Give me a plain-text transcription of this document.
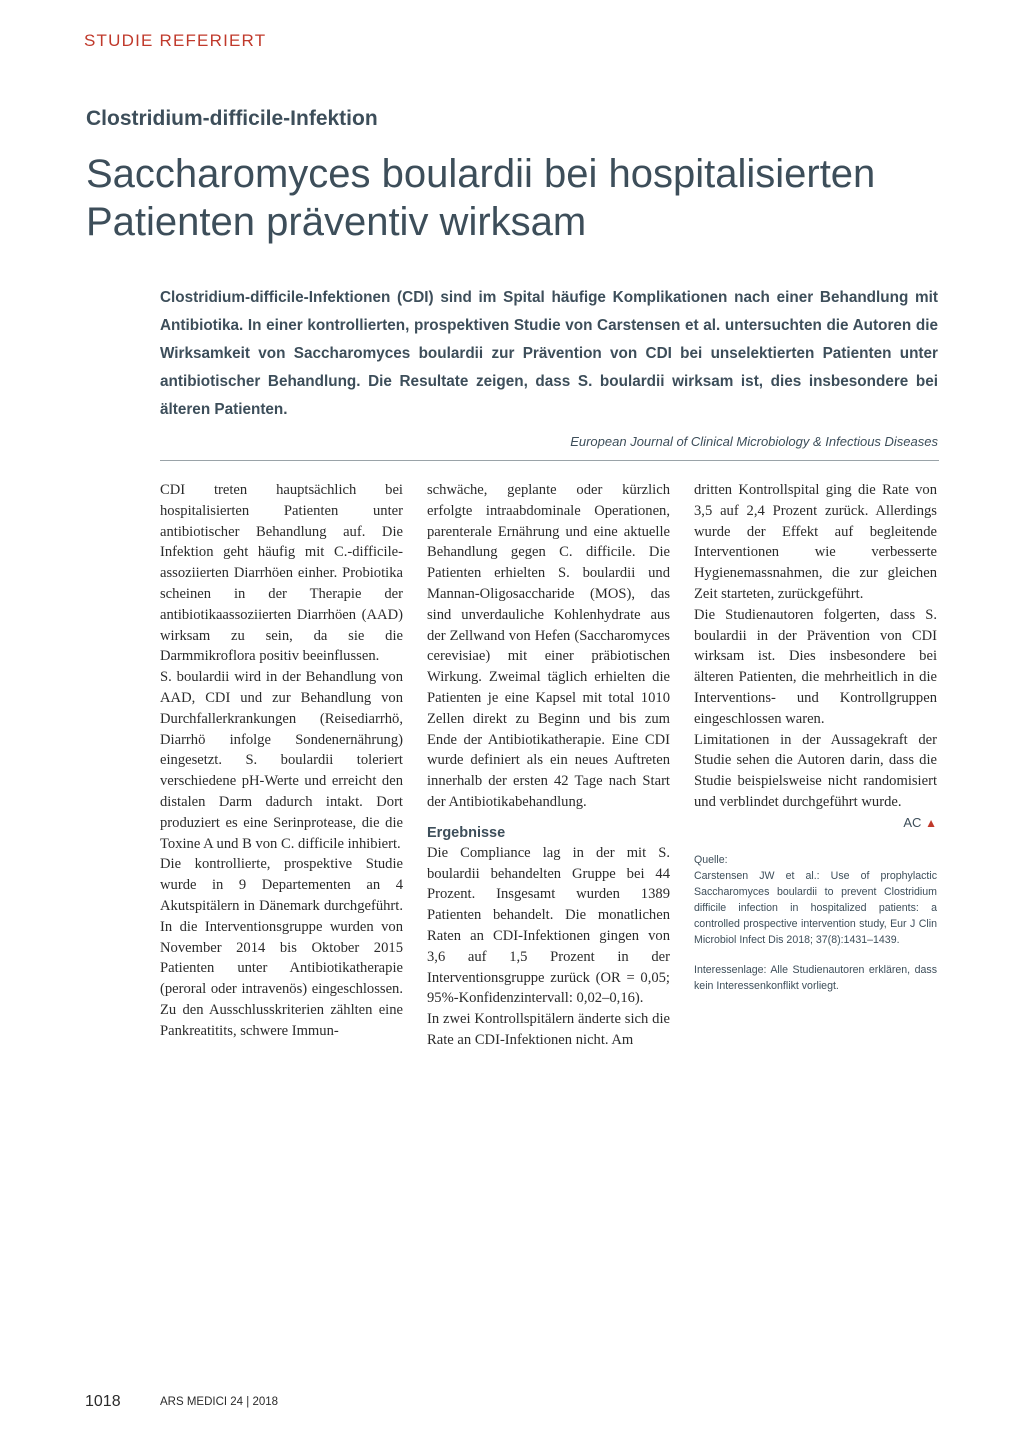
STUDIE REFERIERT
Clostridium-difficile-Infektion
Saccharomyces boulardii bei hospitalisierten
Patienten präventiv wirksam

Clostridium-difficile-Infektionen (CDI) sind im Spital häufige Komplikationen nach einer Behandlung mit Antibiotika. In einer kontrollierten, prospektiven Studie von Carstensen et al. untersuchten die Autoren die Wirksamkeit von Saccharomyces boulardii zur Prävention von CDI bei unselektierten Patienten unter antibiotischer Behandlung. Die Resultate zeigen, dass S. boulardii wirksam ist, dies insbesondere bei älteren Patienten.

European Journal of Clinical Microbiology & Infectious Diseases

CDI treten hauptsächlich bei hospitalisierten Patienten unter antibiotischer Behandlung auf. Die Infektion geht häufig mit C.-difficile-assoziierten Diarrhöen einher. Probiotika scheinen in der Therapie der antibiotikaassoziierten Diarrhöen (AAD) wirksam zu sein, da sie die Darmmikroflora positiv beeinflussen.

S. boulardii wird in der Behandlung von AAD, CDI und zur Behandlung von Durchfallerkrankungen (Reisediarrhö, Diarrhö infolge Sondenernährung) eingesetzt. S. boulardii toleriert verschiedene pH-Werte und erreicht den distalen Darm dadurch intakt. Dort produziert es eine Serinprotease, die die Toxine A und B von C. difficile inhibiert.

Die kontrollierte, prospektive Studie wurde in 9 Departementen an 4 Akutspitälern in Dänemark durchgeführt. In die Interventionsgruppe wurden von November 2014 bis Oktober 2015 Patienten unter Antibiotikatherapie (peroral oder intravenös) eingeschlossen. Zu den Ausschlusskriterien zählten eine Pankreatitits, schwere Immun-

schwäche, geplante oder kürzlich erfolgte intraabdominale Operationen, parenterale Ernährung und eine aktuelle Behandlung gegen C. difficile. Die Patienten erhielten S. boulardii und Mannan-Oligosaccharide (MOS), das sind unverdauliche Kohlenhydrate aus der Zellwand von Hefen (Saccharomyces cerevisiae) mit einer präbiotischen Wirkung. Zweimal täglich erhielten die Patienten je eine Kapsel mit total 1010 Zellen direkt zu Beginn und bis zum Ende der Antibiotikatherapie. Eine CDI wurde definiert als ein neues Auftreten innerhalb der ersten 42 Tage nach Start der Antibiotikabehandlung.

Ergebnisse

Die Compliance lag in der mit S. boulardii behandelten Gruppe bei 44 Prozent. Insgesamt wurden 1389 Patienten behandelt. Die monatlichen Raten an CDI-Infektionen gingen von 3,6 auf 1,5 Prozent in der Interventionsgruppe zurück (OR = 0,05; 95%-Konfidenzintervall: 0,02–0,16).

In zwei Kontrollspitälern änderte sich die Rate an CDI-Infektionen nicht. Am

dritten Kontrollspital ging die Rate von 3,5 auf 2,4 Prozent zurück. Allerdings wurde der Effekt auf begleitende Interventionen wie verbesserte Hygienemassnahmen, die zur gleichen Zeit starteten, zurückgeführt.

Die Studienautoren folgerten, dass S. boulardii in der Prävention von CDI wirksam ist. Dies insbesondere bei älteren Patienten, die mehrheitlich in die Interventions- und Kontrollgruppen eingeschlossen waren.

Limitationen in der Aussagekraft der Studie sehen die Autoren darin, dass die Studie beispielsweise nicht randomisiert und verblindet durchgeführt wurde.

AC ▲

Quelle:

Carstensen JW et al.: Use of prophylactic Saccharomyces boulardii to prevent Clostridium difficile infection in hospitalized patients: a controlled prospective intervention study, Eur J Clin Microbiol Infect Dis 2018; 37(8):1431–1439.

Interessenlage: Alle Studienautoren erklären, dass kein Interessenkonflikt vorliegt.

1018	ARS MEDICI 24 | 2018
